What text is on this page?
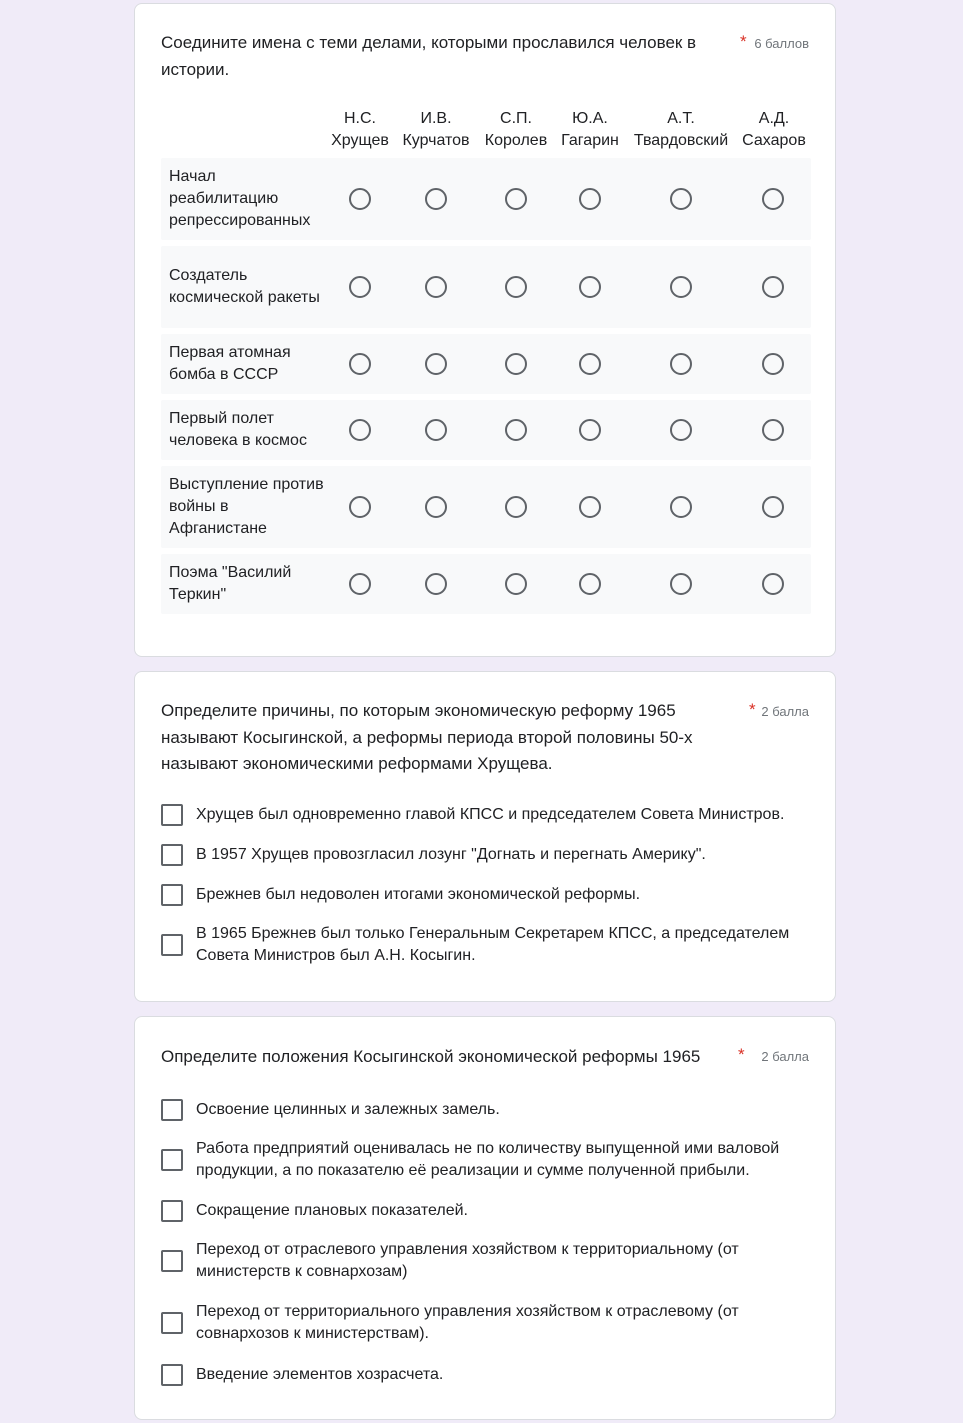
Соедините имена с теми делами, которыми прославился человек в
истории.
* 6 баллов
Н.С.
Хрущев
И.В.
Курчатов
С.П.
Королев
Ю.А.
Гагарин
А.Т.
Твардовский
А.Д.
Сахаров
Начал реабилитацию репрессированных
Создатель космической ракеты
Первая атомная бомба в СССР
Первый полет человека в космос
Выступление против войны в Афганистане
Поэма "Василий Теркин"
Определите причины, по которым экономическую реформу 1965
называют Косыгинской, а реформы периода второй половины 50-х
называют экономическими реформами Хрущева.
* 2 балла
Хрущев был одновременно главой КПСС и председателем Совета Министров.
В 1957 Хрущев провозгласил лозунг "Догнать и перегнать Америку".
Брежнев был недоволен итогами экономической реформы.
В 1965 Брежнев был только Генеральным Секретарем КПСС, а председателем Совета Министров был А.Н. Косыгин.
Определите положения Косыгинской экономической реформы 1965	* 2 балла
Освоение целинных и залежных замель.
Работа предприятий оценивалась не по количеству выпущенной ими валовой продукции, а по показателю её реализации и сумме полученной прибыли.
Сокращение плановых показателей.
Переход от отраслевого управления хозяйством к территориальному (от министерств к совнархозам)
Переход от территориального управления хозяйством к отраслевому (от совнархозов к министерствам).
Введение элементов хозрасчета.
